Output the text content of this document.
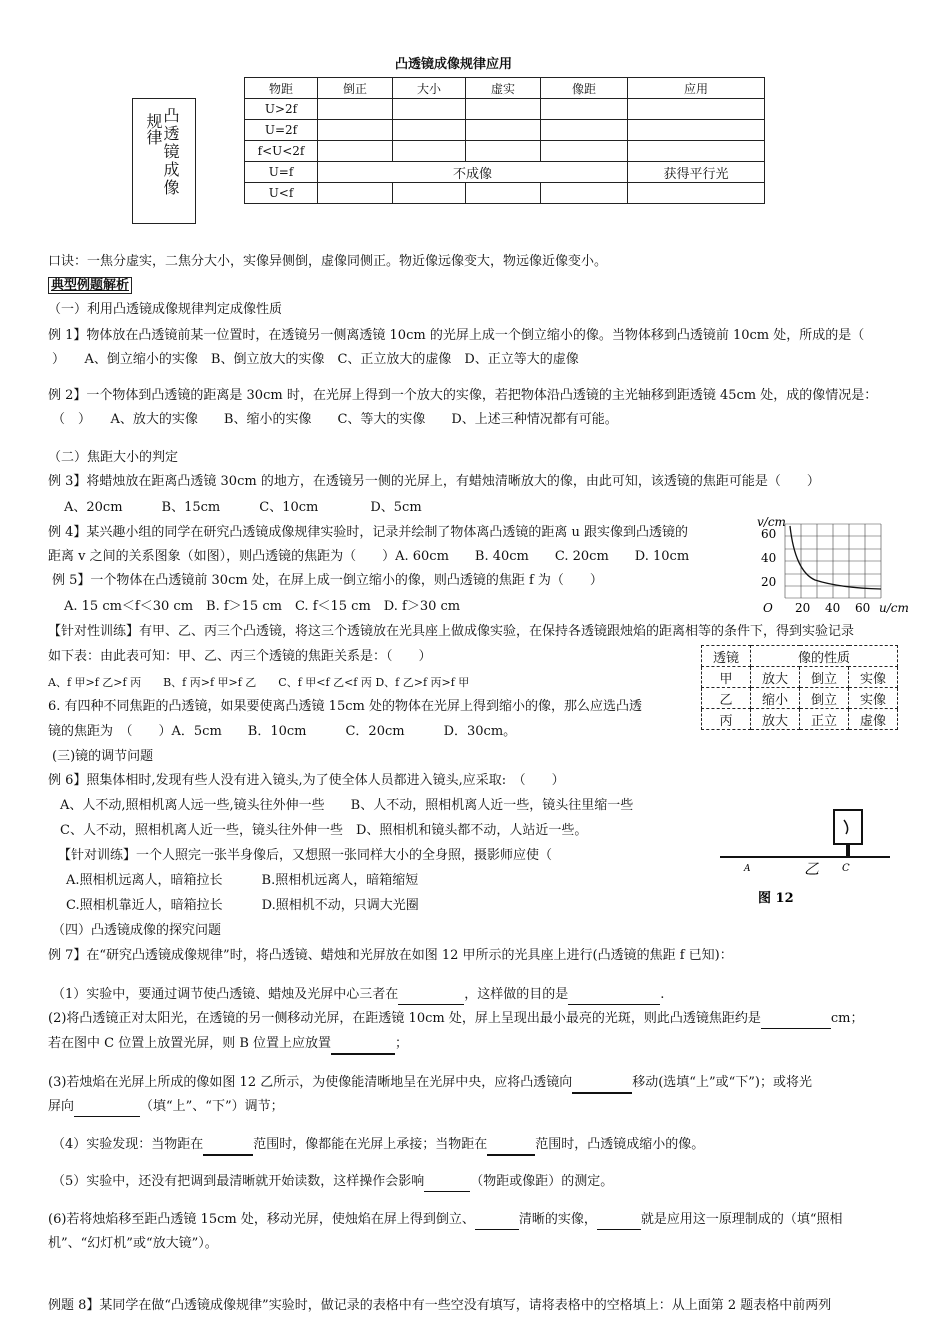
凸透镜成像规律应用
规律
凸透镜成像
物距	倒正	大小	虚实	像距	应用
U>2f					
U=2f					
f<U<2f					
U=f	不成像				获得平行光
U<f					
口诀：一焦分虚实，二焦分大小，实像异侧倒，虚像同侧正。物近像远像变大，物远像近像变小。
典型例题解析
（一）利用凸透镜成像规律判定成像性质
例 1】物体放在凸透镜前某一位置时，在透镜另一侧离透镜 10cm 的光屏上成一个倒立缩小的像。当物体移到凸透镜前 10cm 处，所成的是（
）　　A、倒立缩小的实像　B、倒立放大的实像　C、正立放大的虚像　D、正立等大的虚像
例 2】一个物体到凸透镜的距离是 30cm 时，在光屏上得到一个放大的实像，若把物体沿凸透镜的主光轴移到距透镜 45cm 处，成的像情况是：
（　）　　A、放大的实像　　B、缩小的实像　　C、等大的实像　　D、上述三种情况都有可能。
（二）焦距大小的判定
例 3】将蜡烛放在距离凸透镜 30cm 的地方，在透镜另一侧的光屏上，有蜡烛清晰放大的像，由此可知，该透镜的焦距可能是（　　）
A、20cm　　　B、15cm　　　C、10cm　　　　D、5cm
例 4】某兴趣小组的同学在研究凸透镜成像规律实验时，记录并绘制了物体离凸透镜的距离 u 跟实像到凸透镜的
距离 v 之间的关系图象（如图），则凸透镜的焦距为（　　）A. 60cm　　B. 40cm　　C. 20cm　　D. 10cm
例 5】一个物体在凸透镜前 30cm 处，在屏上成一倒立缩小的像，则凸透镜的焦距 f 为（　　）
A. 15 cm＜f＜30 cm　B. f＞15 cm　C. f＜15 cm　D. f＞30 cm
v/cm
60
40
20
O 20 40 60 u/cm
【针对性训练】有甲、乙、丙三个凸透镜，将这三个透镜放在光具座上做成像实验，在保持各透镜跟烛焰的距离相等的条件下，得到实验记录
如下表：由此表可知：甲、乙、丙三个透镜的焦距关系是：（　　）
A、f 甲>f 乙>f 丙　　B、f 丙>f 甲>f 乙　　C、f 甲<f 乙<f 丙 D、f 乙>f 丙>f 甲
透镜	像的性质		
甲	放大	倒立	实像
乙	缩小	倒立	实像
丙	放大	正立	虚像
6. 有四种不同焦距的凸透镜，如果要使离凸透镜 15cm 处的物体在光屏上得到缩小的像，那么应选凸透
镜的焦距为　（　　）A．5cm　　B．10cm　　　C．20cm　　　D．30cm。
(三)镜的调节问题
例 6】照集体相时,发现有些人没有进入镜头,为了使全体人员都进入镜头,应采取:　（　　）
A、人不动,照相机离人远一些,镜头往外伸一些　　B、人不动，照相机离人近一些，镜头往里缩一些
C、人不动，照相机离人近一些，镜头往外伸一些　D、照相机和镜头都不动，人站近一些。
【针对训练】一个人照完一张半身像后，又想照一张同样大小的全身照，摄影师应使（
A.照相机远离人，暗箱拉长　　　B.照相机远离人，暗箱缩短
C.照相机靠近人，暗箱拉长　　　D.照相机不动，只调大光圈
A	乙 C
图 12
（四）凸透镜成像的探究问题
例 7】在“研究凸透镜成像规律”时，将凸透镜、蜡烛和光屏放在如图 12 甲所示的光具座上进行(凸透镜的焦距 f 已知)：
（1）实验中，要通过调节使凸透镜、蜡烛及光屏中心三者在	，这样做的目的是	.
(2)将凸透镜正对太阳光，在透镜的另一侧移动光屏，在距透镜 10cm 处，屏上呈现出最小最亮的光斑，则此凸透镜焦距约是	cm；
若在图中 C 位置上放置光屏，则 B 位置上应放置	；
(3)若烛焰在光屏上所成的像如图 12 乙所示，为使像能清晰地呈在光屏中央，应将凸透镜向	移动(选填“上”或“下”)；或将光
屏向	（填“上”、“下”）调节；
（4）实验发现：当物距在	范围时，像都能在光屏上承接；当物距在	范围时，凸透镜成缩小的像。
（5）实验中，还没有把调到最清晰就开始读数，这样操作会影响	（物距或像距）的测定。
(6)若将烛焰移至距凸透镜 15cm 处，移动光屏，使烛焰在屏上得到倒立、	清晰的实像，	就是应用这一原理制成的（填“照相
机”、“幻灯机”或“放大镜”）。
例题 8】某同学在做“凸透镜成像规律”实验时，做记录的表格中有一些空没有填写，请将表格中的空格填上：从上面第 2 题表格中前两列
